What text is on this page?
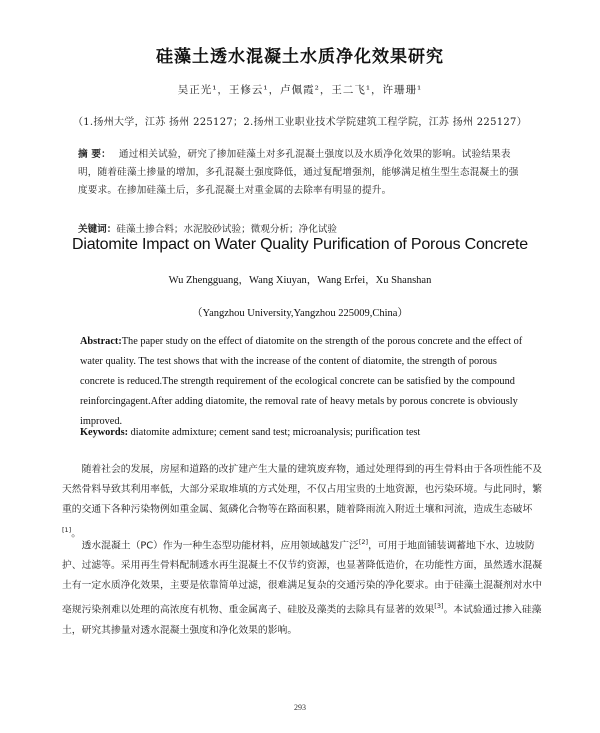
硅藻土透水混凝土水质净化效果研究
吴正光¹，王修云¹，卢佩霞²，王二飞¹，许珊珊¹
（1.扬州大学，江苏 扬州 225127；2.扬州工业职业技术学院建筑工程学院，江苏 扬州 225127）
摘 要： 通过相关试验，研究了掺加硅藻土对多孔混凝土强度以及水质净化效果的影响。试验结果表明，随着硅藻土掺量的增加，多孔混凝土强度降低，通过复配增强剂，能够满足植生型生态混凝土的强度要求。在掺加硅藻土后，多孔混凝土对重金属的去除率有明显的提升。
关键词：硅藻土掺合料；水泥胶砂试验；微观分析；净化试验
Diatomite Impact on Water Quality Purification of Porous Concrete
Wu Zhengguang，Wang Xiuyan，Wang Erfei，Xu Shanshan
（Yangzhou University,Yangzhou 225009,China）
Abstract:The paper study on the effect of diatomite on the strength of the porous concrete and the effect of water quality. The test shows that with the increase of the content of diatomite, the strength of porous concrete is reduced.The strength requirement of the ecological concrete can be satisfied by the compound reinforcingagent.After adding diatomite, the removal rate of heavy metals by porous concrete is obviously improved.
Keywords: diatomite admixture; cement sand test; microanalysis; purification test

随着社会的发展，房屋和道路的改扩建产生大量的建筑废弃物，通过处理得到的再生骨料由于各项性能不及天然骨料导致其利用率低，大部分采取堆填的方式处理，不仅占用宝贵的土地资源，也污染环境。与此同时，繁重的交通下各种污染物例如重金属、氮磷化合物等在路面积累，随着降雨流入附近土壤和河流，造成生态破坏[1]。

透水混凝土（PC）作为一种生态型功能材料，应用领域越发广泛[2]，可用于地面铺装调蓄地下水、边坡防护、过滤等。采用再生骨料配制透水再生混凝土不仅节约资源，也显著降低造价，在功能性方面，虽然透水混凝土有一定水质净化效果，主要是依靠简单过滤，很难满足复杂的交通污染的净化要求。由于硅藻土混凝剂对水中亳规污染剂难以处理的高浓度有机物、重金属离子、硅胶及藻类的去除具有显著的效果[3]。本试验通过掺入硅藻土，研究其掺量对透水混凝土强度和净化效果的影响。

293
